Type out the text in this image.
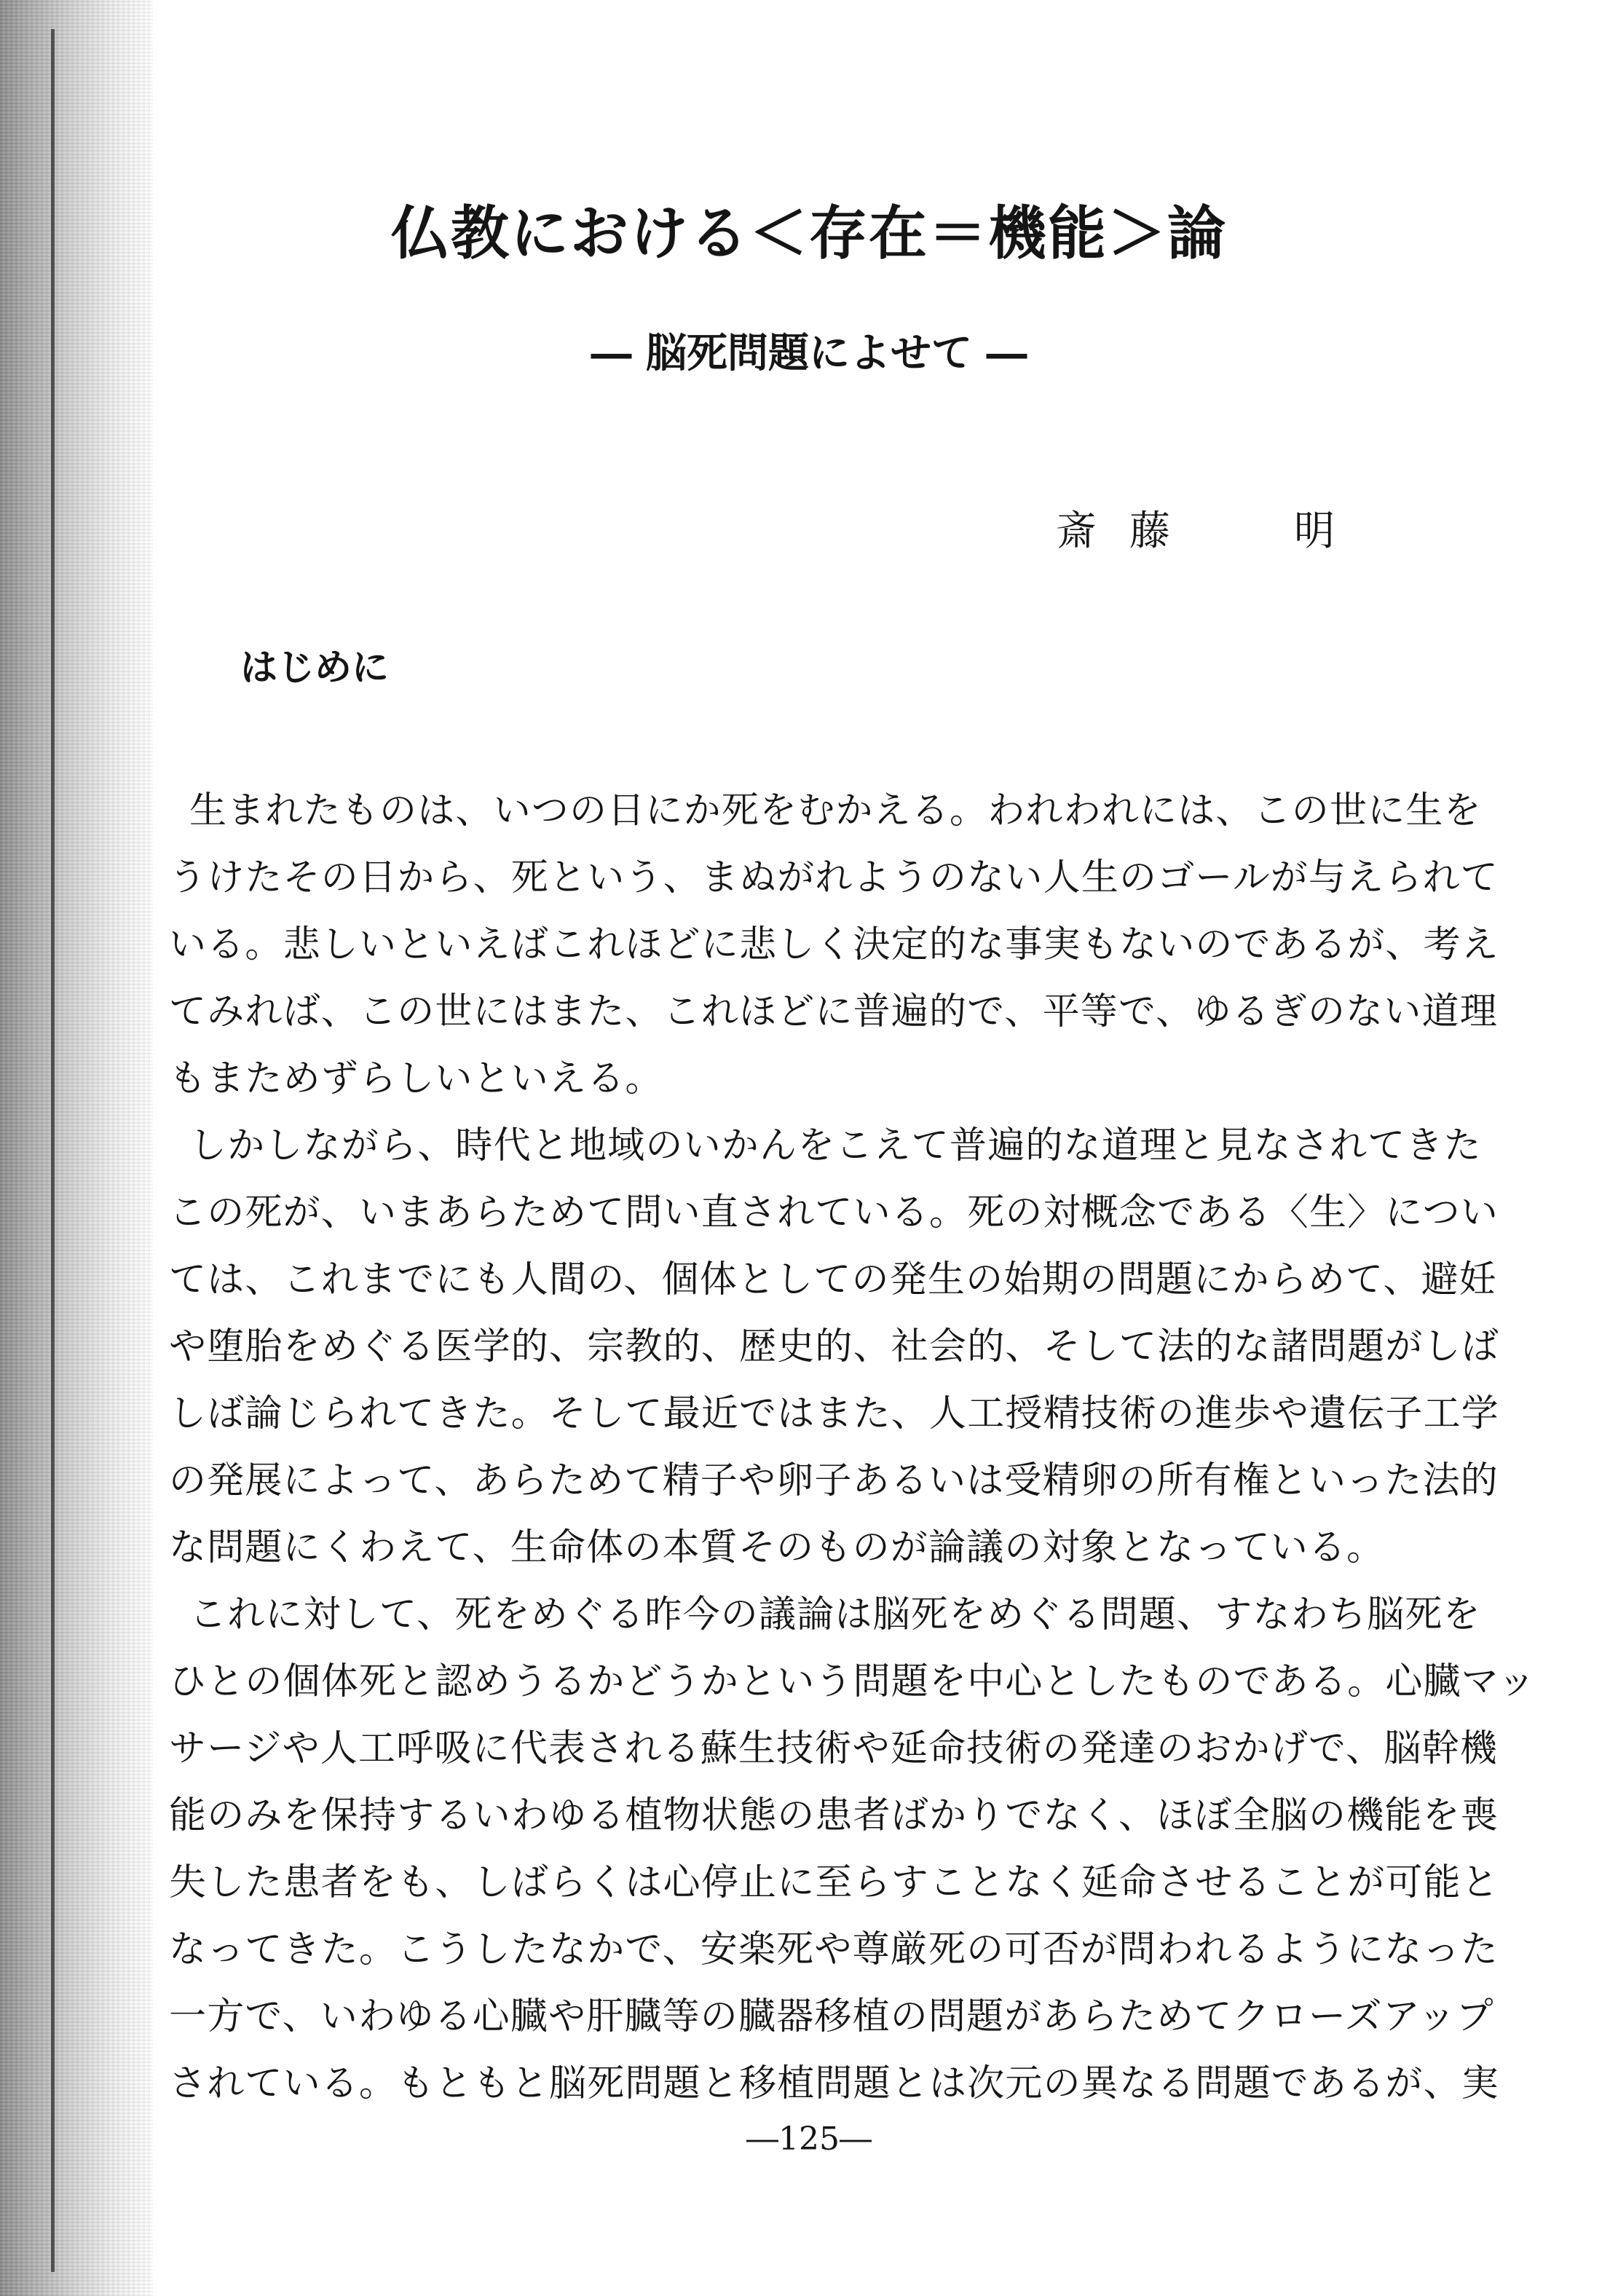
仏教における＜存在＝機能＞論
― 脳死問題によせて ―
斎 藤	明
はじめに
生まれたものは、いつの日にか死をむかえる。われわれには、この世に生を
うけたその日から、死という、まぬがれようのない人生のゴールが与えられて
いる。悲しいといえばこれほどに悲しく決定的な事実もないのであるが、考え
てみれば、この世にはまた、これほどに普遍的で、平等で、ゆるぎのない道理
もまためずらしいといえる。
しかしながら、時代と地域のいかんをこえて普遍的な道理と見なされてきた
この死が、いまあらためて問い直されている。死の対概念である〈生〉につい
ては、これまでにも人間の、個体としての発生の始期の問題にからめて、避妊
や堕胎をめぐる医学的、宗教的、歴史的、社会的、そして法的な諸問題がしば
しば論じられてきた。そして最近ではまた、人工授精技術の進歩や遺伝子工学
の発展によって、あらためて精子や卵子あるいは受精卵の所有権といった法的
な問題にくわえて、生命体の本質そのものが論議の対象となっている。
これに対して、死をめぐる昨今の議論は脳死をめぐる問題、すなわち脳死を
ひとの個体死と認めうるかどうかという問題を中心としたものである。心臓マッ
サージや人工呼吸に代表される蘇生技術や延命技術の発達のおかげで、脳幹機
能のみを保持するいわゆる植物状態の患者ばかりでなく、ほぼ全脳の機能を喪
失した患者をも、しばらくは心停止に至らすことなく延命させることが可能と
なってきた。こうしたなかで、安楽死や尊厳死の可否が問われるようになった
一方で、いわゆる心臓や肝臓等の臓器移植の問題があらためてクローズアップ
されている。もともと脳死問題と移植問題とは次元の異なる問題であるが、実
―125―
